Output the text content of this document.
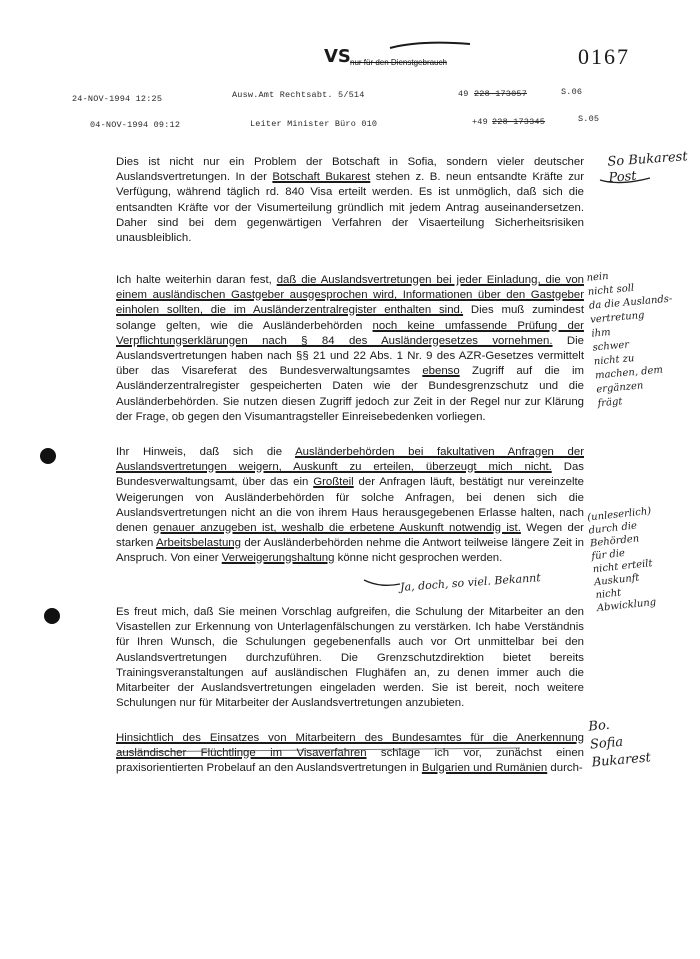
VS nur für den Dienstgebrauch	0167
24-NOV-1994 12:25	Ausw.Amt Rechtsabt. 5/514	49 228 173057	S.06
04-NOV-1994 09:12	Leiter Minister Büro 010	+49 228 173345	S.05

Dies ist nicht nur ein Problem der Botschaft in Sofia, sondern vieler deutscher Auslandsvertretungen. In der Botschaft Bukarest stehen z. B. neun entsandte Kräfte zur Verfügung, während täglich rd. 840 Visa erteilt werden. Es ist unmöglich, daß sich die entsandten Kräfte vor der Visumerteilung gründlich mit jedem Antrag auseinandersetzen. Daher sind bei dem gegenwärtigen Verfahren der Visaerteilung Sicherheitsrisiken unausbleiblich.

Ich halte weiterhin daran fest, daß die Auslandsvertretungen bei jeder Einladung, die von einem ausländischen Gastgeber ausgesprochen wird, Informationen über den Gastgeber einholen sollten, die im Ausländerzentralregister enthalten sind. Dies muß zumindest solange gelten, wie die Ausländerbehörden noch keine umfassende Prüfung der Verpflichtungserklärungen nach § 84 des Ausländergesetzes vornehmen. Die Auslandsvertretungen haben nach §§ 21 und 22 Abs. 1 Nr. 9 des AZR-Gesetzes vermittelt über das Visareferat des Bundesverwaltungsamtes ebenso Zugriff auf die im Ausländerzentralregister gespeicherten Daten wie der Bundesgrenzschutz und die Ausländerbehörden. Sie nutzen diesen Zugriff jedoch zur Zeit in der Regel nur zur Klärung der Frage, ob gegen den Visumantragsteller Einreisebedenken vorliegen.

Ihr Hinweis, daß sich die Ausländerbehörden bei fakultativen Anfragen der Auslandsvertretungen weigern, Auskunft zu erteilen, überzeugt mich nicht. Das Bundesverwaltungsamt, über das ein Großteil der Anfragen läuft, bestätigt nur vereinzelte Weigerungen von Ausländerbehörden für solche Anfragen, bei denen sich die Auslandsvertretungen nicht an die von ihrem Haus herausgegebenen Erlasse halten, nach denen genauer anzugeben ist, weshalb die erbetene Auskunft notwendig ist. Wegen der starken Arbeitsbelastung der Ausländerbehörden nehme die Antwort teilweise längere Zeit in Anspruch. Von einer Verweigerungshaltung könne nicht gesprochen werden.

Es freut mich, daß Sie meinen Vorschlag aufgreifen, die Schulung der Mitarbeiter an den Visastellen zur Erkennung von Unterlagenfälschungen zu verstärken. Ich habe Verständnis für Ihren Wunsch, die Schulungen gegebenenfalls auch vor Ort unmittelbar bei den Auslandsvertretungen durchzuführen. Die Grenzschutzdirektion bietet bereits Trainingsveranstaltungen auf ausländischen Flughäfen an, zu denen immer auch die Mitarbeiter der Auslandsvertretungen eingeladen werden. Sie ist bereit, noch weitere Schulungen nur für Mitarbeiter der Auslandsvertretungen anzubieten.

Hinsichtlich des Einsatzes von Mitarbeitern des Bundesamtes für die Anerkennung ausländischer Flüchtlinge im Visaverfahren schlage ich vor, zunächst einen praxisorientierten Probelauf an den Auslandsvertretungen in Bulgarien und Rumänien durch-

So Bukarest
Post
nein
nicht soll
da die Auslands-
vertretung
ihm
schwer
nicht zu
machen, dem
ergänzen
frägt
(unleserlich)
durch die
Behörden
für die
nicht erteilt
Auskunft
nicht
Abwicklung
Ja, doch, so viel. Bekannt
Bo.
Sofia
Bukarest
